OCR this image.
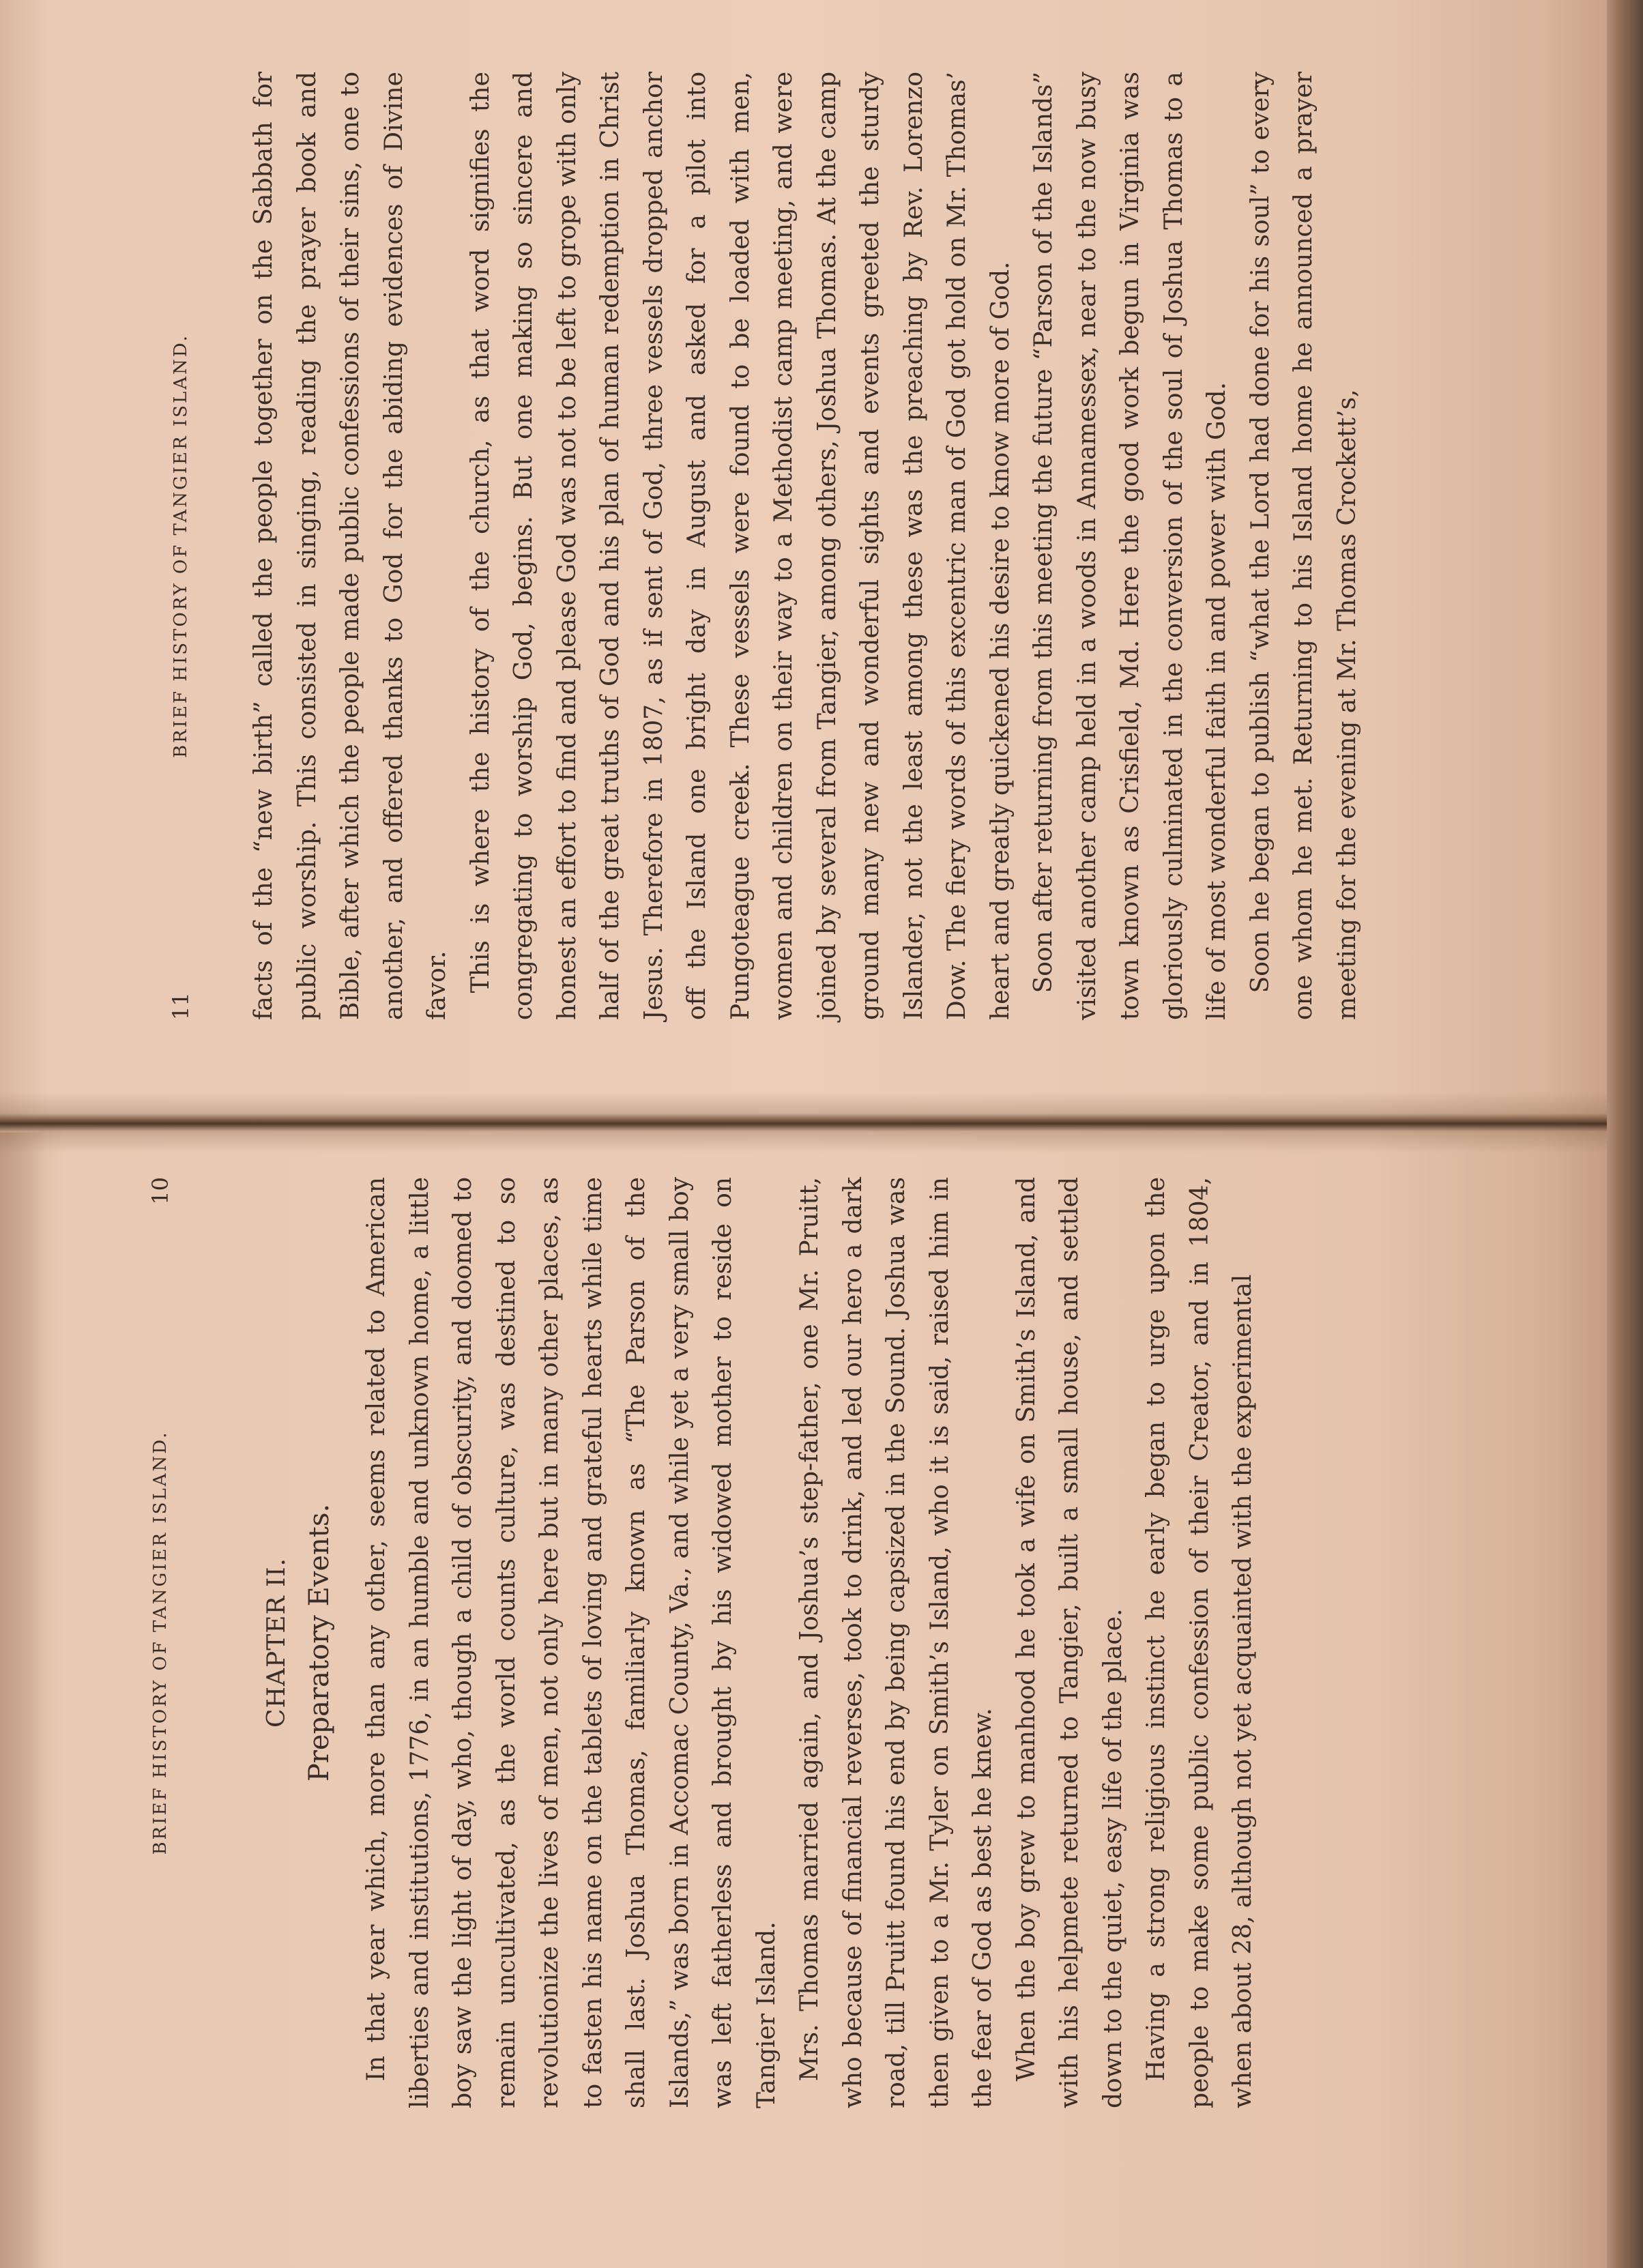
BRIEF HISTORY OF TANGIER ISLAND.
10
CHAPTER II. Preparatory Events.	In that year which, more than any other, seems related to American liberties and institutions, 1776, in an humble and unknown home, a little boy saw the light of day, who, though a child of obscurity, and doomed to remain uncultivated, as the world counts culture, was destined to so revolutionize the lives of men, not only here but in many other places, as to fasten his name on the tablets of loving and grateful hearts while time shall last. Joshua Thomas, familiarly known as “The Parson of the Islands,” was born in Accomac County, Va., and while yet a very small boy was left fatherless and brought by his widowed mother to reside on Tangier Island. Mrs. Thomas married again, and Joshua’s step-father, one Mr. Pruitt, who because of financial reverses, took to drink, and led our hero a dark road, till Pruitt found his end by being capsized in the Sound. Joshua was then given to a Mr. Tyler on Smith’s Island, who it is said, raised him in the fear of God as best he knew. When the boy grew to manhood he took a wife on Smith’s Island, and with his helpmete returned to Tangier, built a small house, and settled down to the quiet, easy life of the place. Having a strong religious instinct he early began to urge upon the people to make some public confession of their Creator, and in 1804, when about 28, although not yet acquainted with the experimental

11
BRIEF HISTORY OF TANGIER ISLAND.	facts of the “new birth” called the people together on the Sabbath for public worship. This consisted in singing, reading the prayer book and Bible, after which the people made public confessions of their sins, one to another, and offered thanks to God for the abiding evidences of Divine favor. This is where the history of the church, as that word signifies the congregating to worship God, begins. But one making so sincere and honest an effort to find and please God was not to be left to grope with only half of the great truths of God and his plan of human redemption in Christ Jesus. Therefore in 1807, as if sent of God, three vessels dropped anchor off the Island one bright day in August and asked for a pilot into Pungoteague creek. These vessels were found to be loaded with men, women and children on their way to a Methodist camp meeting, and were joined by several from Tangier, among others, Joshua Thomas. At the camp ground many new and wonderful sights and events greeted the sturdy Islander, not the least among these was the preaching by Rev. Lorenzo Dow. The fiery words of this excentric man of God got hold on Mr. Thomas’ heart and greatly quickened his desire to know more of God. Soon after returning from this meeting the future “Parson of the Islands” visited another camp held in a woods in Annamessex, near to the now busy town known as Crisfield, Md. Here the good work begun in Virginia was gloriously culminated in the conversion of the soul of Joshua Thomas to a life of most wonderful faith in and power with God. Soon he began to publish “what the Lord had done for his soul” to every one whom he met. Returning to his Island home he announced a prayer meeting for the evening at Mr. Thomas Crockett’s,
